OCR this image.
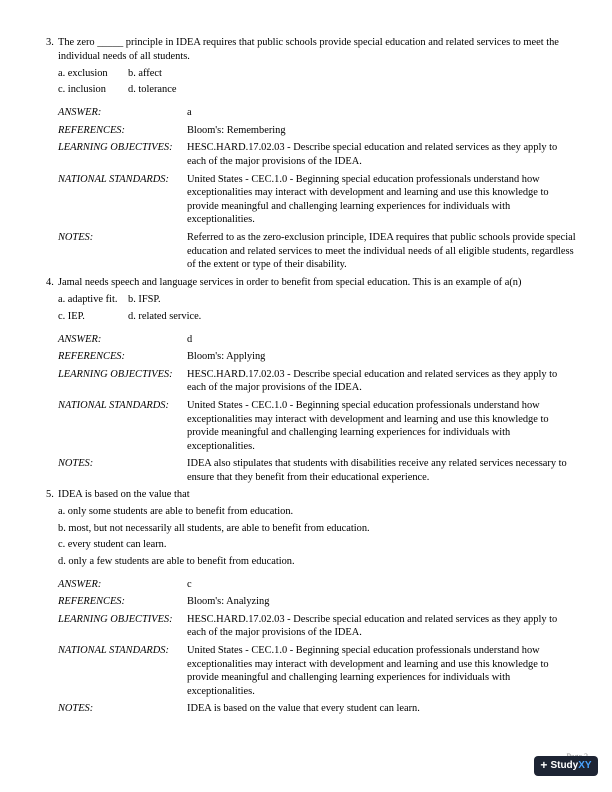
3. The zero _____ principle in IDEA requires that public schools provide special education and related services to meet the individual needs of all students.
a. exclusion	b. affect
c. inclusion	d. tolerance
ANSWER:	a
REFERENCES:	Bloom's: Remembering
LEARNING OBJECTIVES:	HESC.HARD.17.02.03 - Describe special education and related services as they apply to each of the major provisions of the IDEA.
NATIONAL STANDARDS:	United States - CEC.1.0 - Beginning special education professionals understand how exceptionalities may interact with development and learning and use this knowledge to provide meaningful and challenging learning experiences for individuals with exceptionalities.
NOTES:	Referred to as the zero-exclusion principle, IDEA requires that public schools provide special education and related services to meet the individual needs of all eligible students, regardless of the extent or type of their disability.
4. Jamal needs speech and language services in order to benefit from special education. This is an example of a(n)
a. adaptive fit.	b. IFSP.
c. IEP.	d. related service.
ANSWER:	d
REFERENCES:	Bloom's: Applying
LEARNING OBJECTIVES:	HESC.HARD.17.02.03 - Describe special education and related services as they apply to each of the major provisions of the IDEA.
NATIONAL STANDARDS:	United States - CEC.1.0 - Beginning special education professionals understand how exceptionalities may interact with development and learning and use this knowledge to provide meaningful and challenging learning experiences for individuals with exceptionalities.
NOTES:	IDEA also stipulates that students with disabilities receive any related services necessary to ensure that they benefit from their educational experience.
5. IDEA is based on the value that
a. only some students are able to benefit from education.
b. most, but not necessarily all students, are able to benefit from education.
c. every student can learn.
d. only a few students are able to benefit from education.
ANSWER:	c
REFERENCES:	Bloom's: Analyzing
LEARNING OBJECTIVES:	HESC.HARD.17.02.03 - Describe special education and related services as they apply to each of the major provisions of the IDEA.
NATIONAL STANDARDS:	United States - CEC.1.0 - Beginning special education professionals understand how exceptionalities may interact with development and learning and use this knowledge to provide meaningful and challenging learning experiences for individuals with exceptionalities.
NOTES:	IDEA is based on the value that every student can learn.
+ Study XY
